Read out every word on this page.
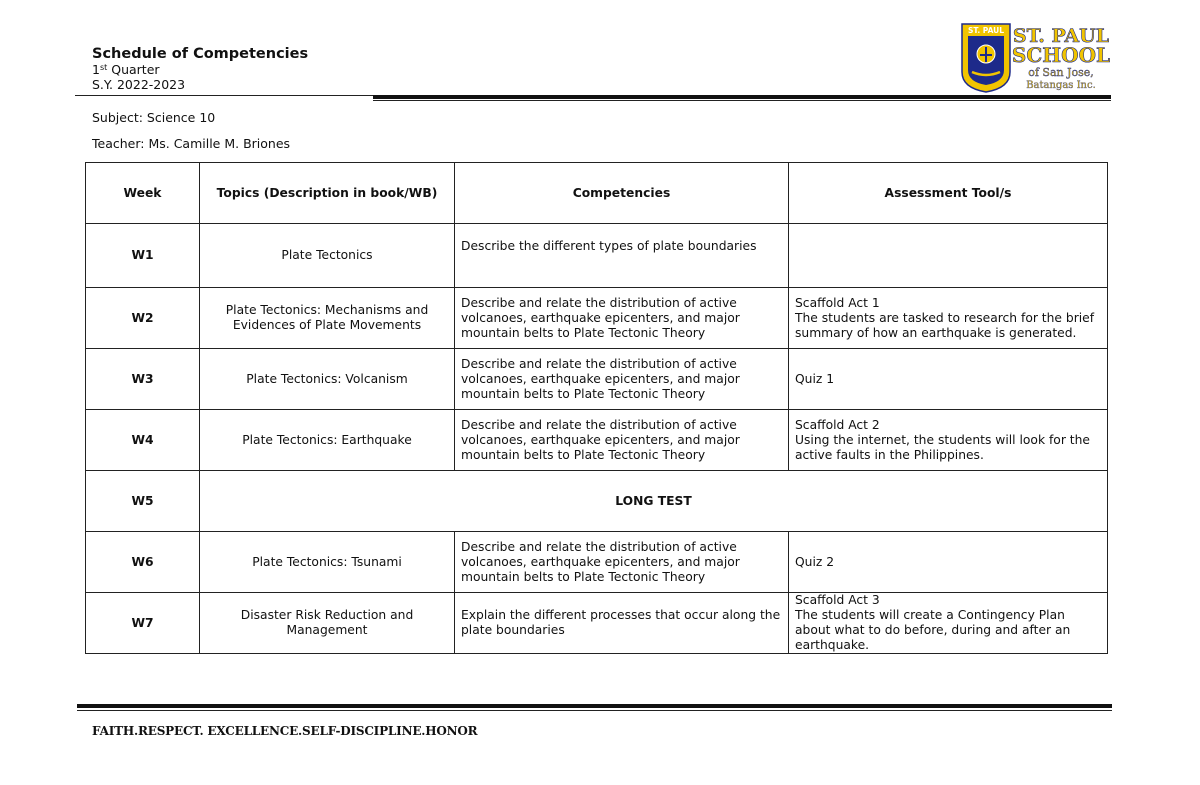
Schedule of Competencies
1st Quarter
S.Y. 2022-2023
ST. PAUL ST. PAUL
SCHOOL
of San Jose,
Batangas Inc.
Subject: Science 10
Teacher: Ms. Camille M. Briones
Week	Topics (Description in book/WB)	Competencies	Assessment Tool/s
W1	Plate Tectonics	Describe the different types of plate boundaries	
W2	Plate Tectonics: Mechanisms and Evidences of Plate Movements	Describe and relate the distribution of active volcanoes, earthquake epicenters, and major mountain belts to Plate Tectonic Theory	Scaffold Act 1
The students are tasked to research for the brief summary of how an earthquake is generated.

W3	Plate Tectonics: Volcanism	Describe and relate the distribution of active volcanoes, earthquake epicenters, and major mountain belts to Plate Tectonic Theory	Quiz 1
W4	Plate Tectonics: Earthquake	Describe and relate the distribution of active volcanoes, earthquake epicenters, and major mountain belts to Plate Tectonic Theory	Scaffold Act 2
Using the internet, the students will look for the active faults in the Philippines.

W5	LONG TEST		
W6	Plate Tectonics: Tsunami	Describe and relate the distribution of active volcanoes, earthquake epicenters, and major mountain belts to Plate Tectonic Theory	Quiz 2
W7	Disaster Risk Reduction and Management	Explain the different processes that occur along the plate boundaries	Scaffold Act 3
The students will create a Contingency Plan about what to do before, during and after an earthquake.
FAITH.RESPECT. EXCELLENCE.SELF-DISCIPLINE.HONOR
